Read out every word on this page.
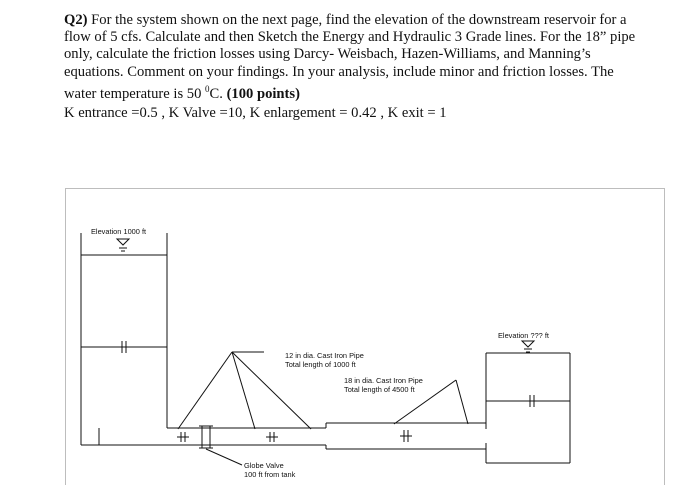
Q2) For the system shown on the next page, find the elevation of the downstream reservoir for a flow of 5 cfs. Calculate and then Sketch the Energy and Hydraulic 3 Grade lines. For the 18” pipe only, calculate the friction losses using Darcy- Weisbach, Hazen-Williams, and Manning’s equations. Comment on your findings. In your analysis, include minor and friction losses. The water temperature is 50 $^0$C. (100 points)

K entrance =0.5 , K Valve =10, K enlargement = 0.42 , K exit = 1

Elevation 1000 ft
Elevation ??? ft
12 in dia. Cast Iron Pipe
Total length of 1000 ft
18 in dia. Cast Iron Pipe
Total length of 4500 ft
Globe Valve
100 ft from tank
